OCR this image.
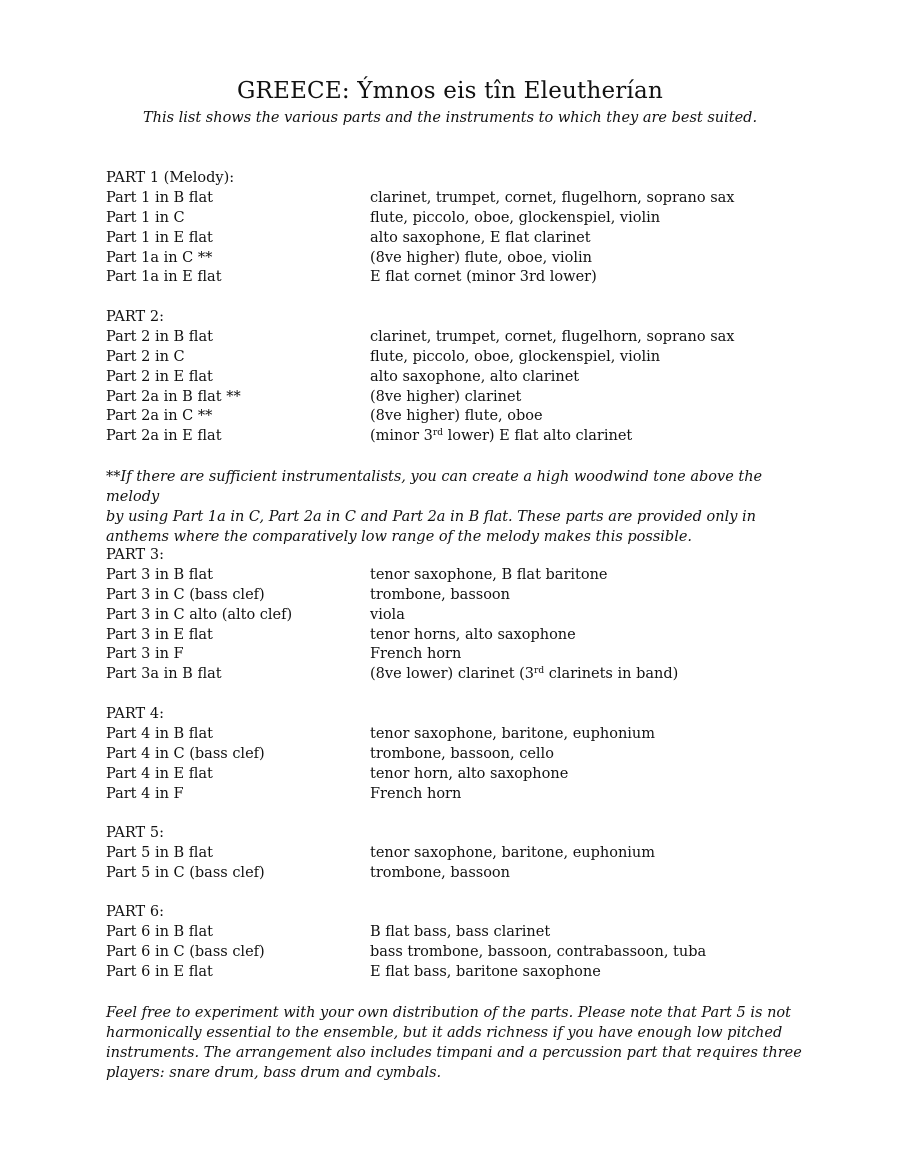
GREECE: Ýmnos eis tîn Eleutherían
This list shows the various parts and the instruments to which they are best suited.
PART 1 (Melody):
Part 1 in B flat	clarinet, trumpet, cornet, flugelhorn, soprano sax
Part 1 in C	flute, piccolo, oboe, glockenspiel, violin
Part 1 in E flat	alto saxophone, E flat clarinet
Part 1a in C **	(8ve higher) flute, oboe, violin
Part 1a in E flat	E flat cornet (minor 3rd lower)
PART 2:
Part 2 in B flat	clarinet, trumpet, cornet, flugelhorn, soprano sax
Part 2 in C	flute, piccolo, oboe, glockenspiel, violin
Part 2 in E flat	alto saxophone, alto clarinet
Part 2a in B flat **	(8ve higher) clarinet
Part 2a in C **	(8ve higher) flute, oboe
Part 2a in E flat	(minor 3rd lower) E flat alto clarinet
**If there are sufficient instrumentalists, you can create a high woodwind tone above the melody
by using Part 1a in C, Part 2a in C and Part 2a in B flat. These parts are provided only in
anthems where the comparatively low range of the melody makes this possible.
PART 3:
Part 3 in B flat	tenor saxophone, B flat baritone
Part 3 in C (bass clef)	trombone, bassoon
Part 3 in C alto (alto clef)	viola
Part 3 in E flat	tenor horns, alto saxophone
Part 3 in F	French horn
Part 3a in B flat	(8ve lower) clarinet (3rd clarinets in band)
PART 4:
Part 4 in B flat	tenor saxophone, baritone, euphonium
Part 4 in C (bass clef)	trombone, bassoon, cello
Part 4 in E flat	tenor horn, alto saxophone
Part 4 in F	French horn
PART 5:
Part 5 in B flat	tenor saxophone, baritone, euphonium
Part 5 in C (bass clef)	trombone, bassoon
PART 6:
Part 6 in B flat	B flat bass, bass clarinet
Part 6 in C (bass clef)	bass trombone, bassoon, contrabassoon, tuba
Part 6 in E flat	E flat bass, baritone saxophone
Feel free to experiment with your own distribution of the parts. Please note that Part 5 is not
harmonically essential to the ensemble, but it adds richness if you have enough low pitched
instruments. The arrangement also includes timpani and a percussion part that requires three
players: snare drum, bass drum and cymbals.
